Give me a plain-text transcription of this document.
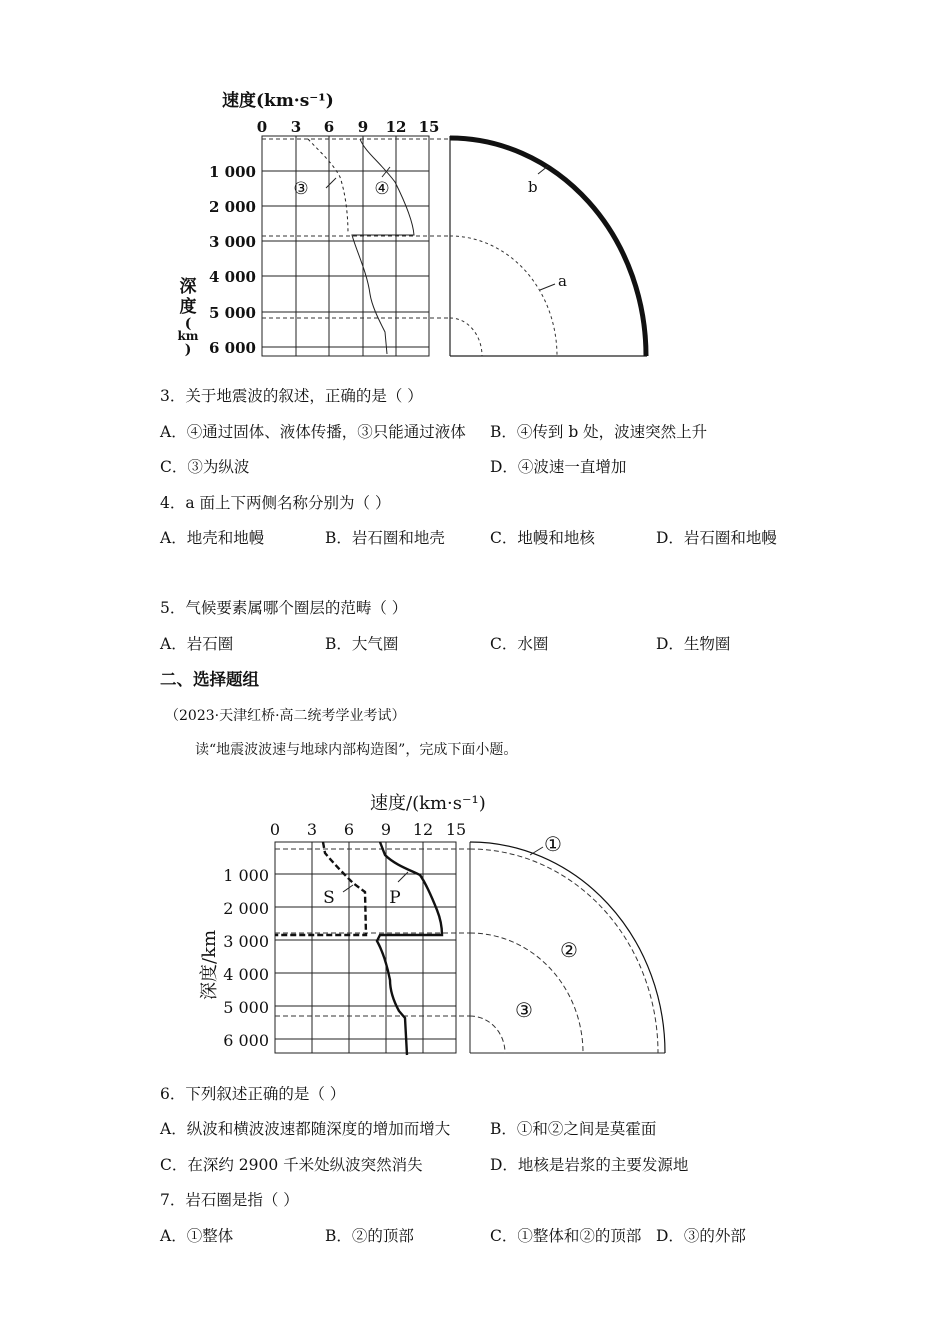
速度(km·s⁻¹)
0 3 6 9 12 15
1 000
2 000
3 000
4 000
5 000
6 000
深
度
(
km
)
③	④	b
a
3．关于地震波的叙述，正确的是（ ）
A．④通过固体、液体传播，③只能通过液体 B．④传到 b 处，波速突然上升
C．③为纵波	D．④波速一直增加
4．a 面上下两侧名称分别为（ ）
A．地壳和地幔	B．岩石圈和地壳	C．地幔和地核	D．岩石圈和地幔
5．气候要素属哪个圈层的范畴（ ）
A．岩石圈	B．大气圈	C．水圈	D．生物圈
二、选择题组
（2023·天津红桥·高二统考学业考试）
读“地震波波速与地球内部构造图”，完成下面小题。
速度/(km·s⁻¹)
0 3 6 9 12 15
1 000
2 000
3 000
4 000
5 000
6 000
深度/km
S	P
①
②
③
6．下列叙述正确的是（ ）
A．纵波和横波波速都随深度的增加而增大	B．①和②之间是莫霍面
C．在深约 2900 千米处纵波突然消失	D．地核是岩浆的主要发源地
7．岩石圈是指（ ）
A．①整体	B．②的顶部	C．①整体和②的顶部 D．③的外部
